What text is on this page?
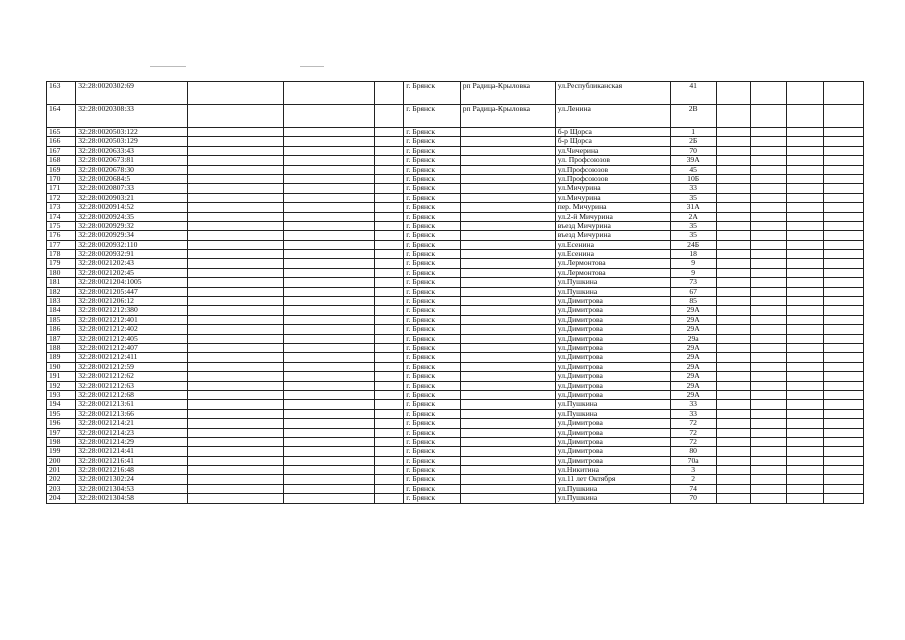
163	32:28:0020302:69				г. Брянск	рп Радица-Крыловка	ул.Республиканская	41				
164	32:28:0020308:33				г. Брянск	рп Радица-Крыловка	ул.Ленина	2В				
165	32:28:0020503:122				г. Брянск		б-р Щорса	1				
166	32:28:0020503:129				г. Брянск		б-р Щорса	2Б				
167	32:28:0020633:43				г. Брянск		ул.Чичерина	70				
168	32:28:0020673:81				г. Брянск		ул. Профсоюзов	39А				
169	32:28:0020678:30				г. Брянск		ул.Профсоюзов	45				
170	32:28:0020684:5				г. Брянск		ул.Профсоюзов	10Б				
171	32:28:0020807:33				г. Брянск		ул.Мичурина	33				
172	32:28:0020903:21				г. Брянск		ул.Мичурина	35				
173	32:28:0020914:52				г. Брянск		пер. Мичурина	31А				
174	32:28:0020924:35				г. Брянск		ул.2-й Мичурина	2А				
175	32:28:0020929:32				г. Брянск		въезд Мичурина	35				
176	32:28:0020929:34				г. Брянск		въезд Мичурина	35				
177	32:28:0020932:110				г. Брянск		ул.Есенина	24Б				
178	32:28:0020932:91				г. Брянск		ул.Есенина	18				
179	32:28:0021202:43				г. Брянск		ул.Лермонтова	9				
180	32:28:0021202:45				г. Брянск		ул.Лермонтова	9				
181	32:28:0021204:1005				г. Брянск		ул.Пушкина	73				
182	32:28:0021205:447				г. Брянск		ул.Пушкина	67				
183	32:28:0021206:12				г. Брянск		ул.Димитрова	85				
184	32:28:0021212:380				г. Брянск		ул.Димитрова	29А				
185	32:28:0021212:401				г. Брянск		ул.Димитрова	29А				
186	32:28:0021212:402				г. Брянск		ул.Димитрова	29А				
187	32:28:0021212:405				г. Брянск		ул.Димитрова	29а				
188	32:28:0021212:407				г. Брянск		ул.Димитрова	29А				
189	32:28:0021212:411				г. Брянск		ул.Димитрова	29А				
190	32:28:0021212:59				г. Брянск		ул.Димитрова	29А				
191	32:28:0021212:62				г. Брянск		ул.Димитрова	29А				
192	32:28:0021212:63				г. Брянск		ул.Димитрова	29А				
193	32:28:0021212:68				г. Брянск		ул.Димитрова	29А				
194	32:28:0021213:61				г. Брянск		ул.Пушкина	33				
195	32:28:0021213:66				г. Брянск		ул.Пушкина	33				
196	32:28:0021214:21				г. Брянск		ул.Димитрова	72				
197	32:28:0021214:23				г. Брянск		ул.Димитрова	72				
198	32:28:0021214:29				г. Брянск		ул.Димитрова	72				
199	32:28:0021214:41				г. Брянск		ул.Димитрова	80				
200	32:28:0021216:41				г. Брянск		ул.Димитрова	70а				
201	32:28:0021216:48				г. Брянск		ул.Никитина	3				
202	32:28:0021302:24				г. Брянск		ул.11 лет Октября	2				
203	32:28:0021304:53				г. Брянск		ул.Пушкина	74				
204	32:28:0021304:58				г. Брянск		ул.Пушкина	70				
